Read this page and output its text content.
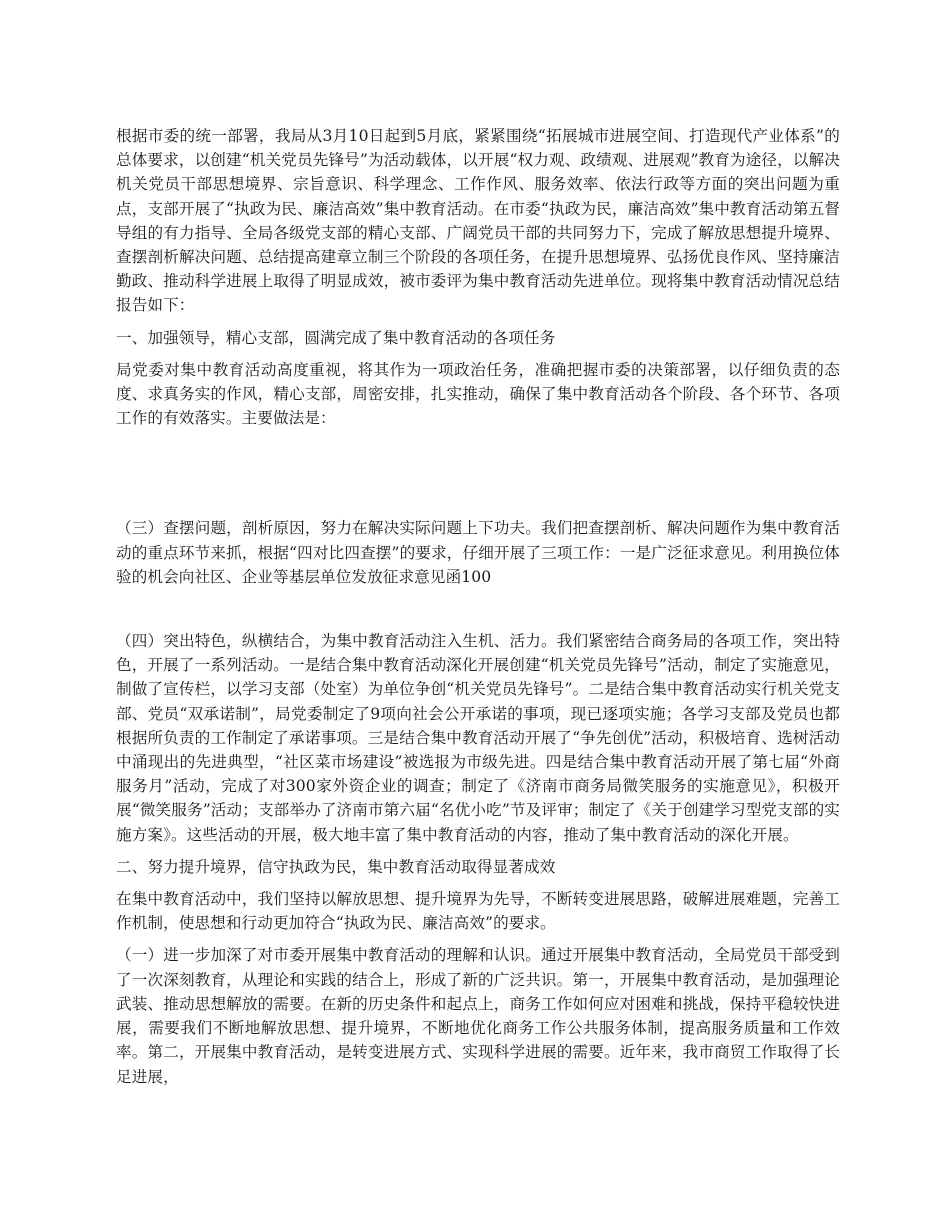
根据市委的统一部署，我局从3月10日起到5月底，紧紧围绕“拓展城市进展空间、打造现代产业体系”的总体要求，以创建“机关党员先锋号”为活动载体，以开展“权力观、政绩观、进展观”教育为途径，以解决机关党员干部思想境界、宗旨意识、科学理念、工作作风、服务效率、依法行政等方面的突出问题为重点，支部开展了“执政为民、廉洁高效”集中教育活动。在市委“执政为民，廉洁高效”集中教育活动第五督导组的有力指导、全局各级党支部的精心支部、广阔党员干部的共同努力下，完成了解放思想提升境界、查摆剖析解决问题、总结提高建章立制三个阶段的各项任务，在提升思想境界、弘扬优良作风、坚持廉洁勤政、推动科学进展上取得了明显成效，被市委评为集中教育活动先进单位。现将集中教育活动情况总结报告如下：

一、加强领导，精心支部，圆满完成了集中教育活动的各项任务

局党委对集中教育活动高度重视，将其作为一项政治任务，准确把握市委的决策部署，以仔细负责的态度、求真务实的作风，精心支部，周密安排，扎实推动，确保了集中教育活动各个阶段、各个环节、各项工作的有效落实。主要做法是：

（三）查摆问题，剖析原因，努力在解决实际问题上下功夫。我们把查摆剖析、解决问题作为集中教育活动的重点环节来抓，根据“四对比四查摆”的要求，仔细开展了三项工作：一是广泛征求意见。利用换位体验的机会向社区、企业等基层单位发放征求意见函100

（四）突出特色，纵横结合，为集中教育活动注入生机、活力。我们紧密结合商务局的各项工作，突出特色，开展了一系列活动。一是结合集中教育活动深化开展创建“机关党员先锋号”活动，制定了实施意见，制做了宣传栏，以学习支部（处室）为单位争创“机关党员先锋号”。二是结合集中教育活动实行机关党支部、党员“双承诺制”，局党委制定了9项向社会公开承诺的事项，现已逐项实施；各学习支部及党员也都根据所负责的工作制定了承诺事项。三是结合集中教育活动开展了“争先创优”活动，积极培育、选树活动中涌现出的先进典型，“社区菜市场建设”被选报为市级先进。四是结合集中教育活动开展了第七届“外商服务月”活动，完成了对300家外资企业的调查；制定了《济南市商务局微笑服务的实施意见》，积极开展“微笑服务”活动；支部举办了济南市第六届“名优小吃”节及评审；制定了《关于创建学习型党支部的实施方案》。这些活动的开展，极大地丰富了集中教育活动的内容，推动了集中教育活动的深化开展。

二、努力提升境界，信守执政为民，集中教育活动取得显著成效

在集中教育活动中，我们坚持以解放思想、提升境界为先导，不断转变进展思路，破解进展难题，完善工作机制，使思想和行动更加符合“执政为民、廉洁高效”的要求。

（一）进一步加深了对市委开展集中教育活动的理解和认识。通过开展集中教育活动，全局党员干部受到了一次深刻教育，从理论和实践的结合上，形成了新的广泛共识。第一，开展集中教育活动，是加强理论武装、推动思想解放的需要。在新的历史条件和起点上，商务工作如何应对困难和挑战，保持平稳较快进展，需要我们不断地解放思想、提升境界，不断地优化商务工作公共服务体制，提高服务质量和工作效率。第二，开展集中教育活动，是转变进展方式、实现科学进展的需要。近年来，我市商贸工作取得了长足进展，
